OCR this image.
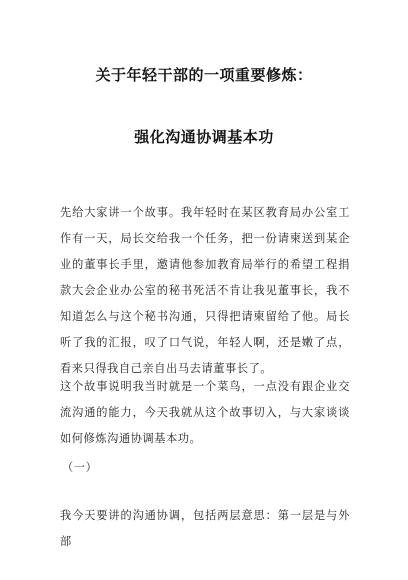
关于年轻干部的一项重要修炼：
强化沟通协调基本功

先给大家讲一个故事。我年轻时在某区教育局办公室工作有一天，局长交给我一个任务，把一份请柬送到某企业的董事长手里，邀请他参加教育局举行的希望工程捐款大会企业办公室的秘书死活不肯让我见董事长，我不知道怎么与这个秘书沟通，只得把请柬留给了他。局长听了我的汇报，叹了口气说，年轻人啊，还是嫩了点，看来只得我自己亲自出马去请董事长了。

这个故事说明我当时就是一个菜鸟，一点没有跟企业交流沟通的能力，今天我就从这个故事切入，与大家谈谈如何修炼沟通协调基本功。

（一）

我今天要讲的沟通协调，包括两层意思：第一层是与外部
